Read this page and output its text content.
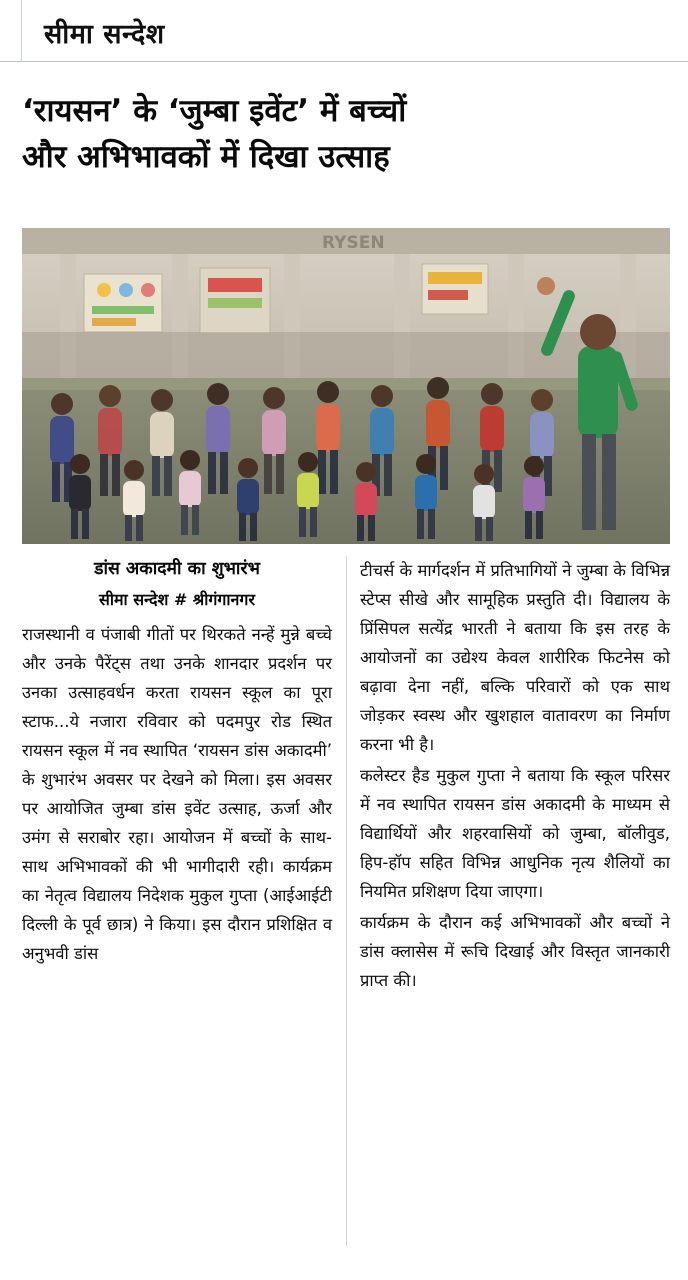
सीमा सन्देश
‘रायसन’ के ‘जुम्बा इवेंट’ में बच्चों
और अभिभावकों में दिखा उत्साह
RYSEN
डांस अकादमी का शुभारंभ
सीमा सन्देश # श्रीगंगानगर

राजस्थानी व पंजाबी गीतों पर थिरकते नन्हें मुन्ने बच्चे और उनके पैरेंट्स तथा उनके शानदार प्रदर्शन पर उनका उत्साहवर्धन करता रायसन स्कूल का पूरा स्टाफ...ये नजारा रविवार को पदमपुर रोड स्थित रायसन स्कूल में नव स्थापित ‘रायसन डांस अकादमी’ के शुभारंभ अवसर पर देखने को मिला। इस अवसर पर आयोजित जुम्बा डांस इवेंट उत्साह, ऊर्जा और उमंग से सराबोर रहा। आयोजन में बच्चों के साथ-साथ अभिभावकों की भी भागीदारी रही। कार्यक्रम का नेतृत्व विद्यालय निदेशक मुकुल गुप्ता (आईआईटी दिल्ली के पूर्व छात्र) ने किया। इस दौरान प्रशिक्षित व अनुभवी डांस

टीचर्स के मार्गदर्शन में प्रतिभागियों ने जुम्बा के विभिन्न स्टेप्स सीखे और सामूहिक प्रस्तुति दी। विद्यालय के प्रिंसिपल सत्येंद्र भारती ने बताया कि इस तरह के आयोजनों का उद्येश्य केवल शारीरिक फिटनेस को बढ़ावा देना नहीं, बल्कि परिवारों को एक साथ जोड़कर स्वस्थ और खुशहाल वातावरण का निर्माण करना भी है।

कलेस्टर हैड मुकुल गुप्ता ने बताया कि स्कूल परिसर में नव स्थापित रायसन डांस अकादमी के माध्यम से विद्यार्थियों और शहरवासियों को जुम्बा, बॉलीवुड, हिप-हॉप सहित विभिन्न आधुनिक नृत्य शैलियों का नियमित प्रशिक्षण दिया जाएगा।

कार्यक्रम के दौरान कई अभिभावकों और बच्चों ने डांस क्लासेस में रूचि दिखाई और विस्तृत जानकारी प्राप्त की।
